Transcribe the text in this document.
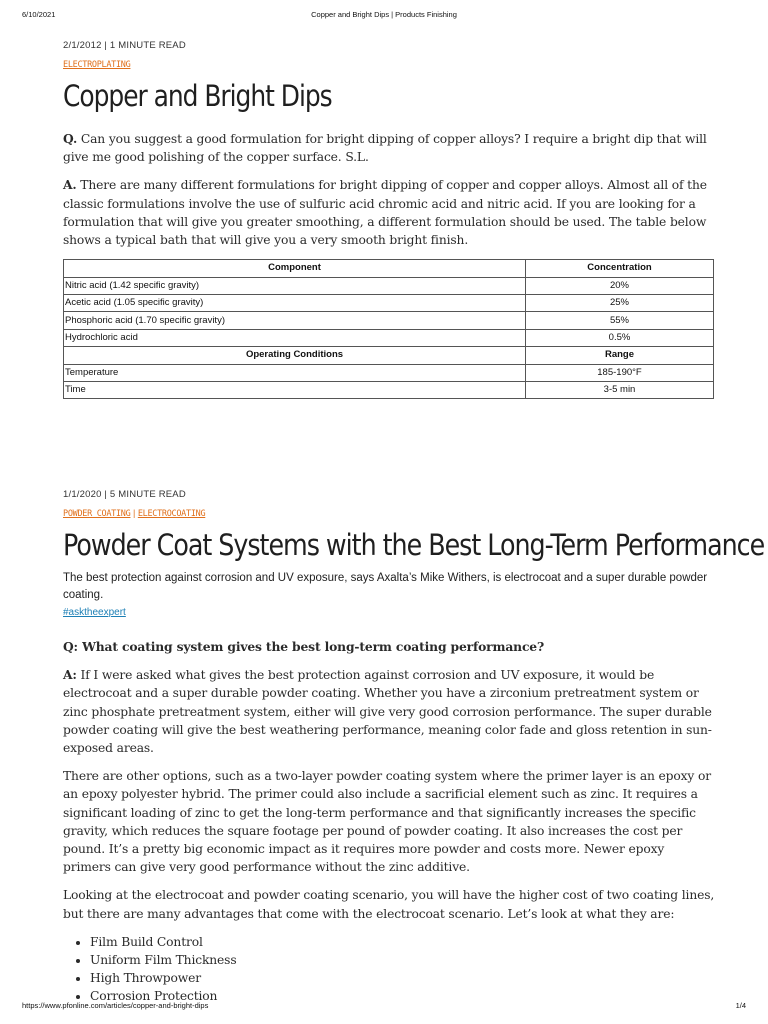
6/10/2021	Copper and Bright Dips | Products Finishing
2/1/2012 | 1 MINUTE READ
ELECTROPLATING
Copper and Bright Dips

Q. Can you suggest a good formulation for bright dipping of copper alloys? I require a bright dip that will give me good polishing of the copper surface. S.L.

A. There are many different formulations for bright dipping of copper and copper alloys. Almost all of the classic formulations involve the use of sulfuric acid chromic acid and nitric acid. If you are looking for a formulation that will give you greater smoothing, a different formulation should be used. The table below shows a typical bath that will give you a very smooth bright finish.

Component	Concentration
Nitric acid (1.42 specific gravity)	20%
Acetic acid (1.05 specific gravity)	25%
Phosphoric acid (1.70 specific gravity)	55%
Hydrochloric acid	0.5%
Operating Conditions	Range
Temperature	185-190°F
Time	3-5 min
1/1/2020 | 5 MINUTE READ
POWDER COATING | ELECTROCOATING
Powder Coat Systems with the Best Long-Term Performance
The best protection against corrosion and UV exposure, says Axalta’s Mike Withers, is electrocoat and a super durable powder coating.
#asktheexpert

Q: What coating system gives the best long-term coating performance?

A: If I were asked what gives the best protection against corrosion and UV exposure, it would be electrocoat and a super durable powder coating. Whether you have a zirconium pretreatment system or zinc phosphate pretreatment system, either will give very good corrosion performance. The super durable powder coating will give the best weathering performance, meaning color fade and gloss retention in sun-exposed areas.

There are other options, such as a two-layer powder coating system where the primer layer is an epoxy or an epoxy polyester hybrid. The primer could also include a sacrificial element such as zinc. It requires a significant loading of zinc to get the long-term performance and that significantly increases the specific gravity, which reduces the square footage per pound of powder coating. It also increases the cost per pound. It’s a pretty big economic impact as it requires more powder and costs more. Newer epoxy primers can give very good performance without the zinc additive.

Looking at the electrocoat and powder coating scenario, you will have the higher cost of two coating lines, but there are many advantages that come with the electrocoat scenario. Let’s look at what they are:

• Film Build Control
• Uniform Film Thickness
• High Throwpower
• Corrosion Protection
https://www.pfonline.com/articles/copper-and-bright-dips	1/4
